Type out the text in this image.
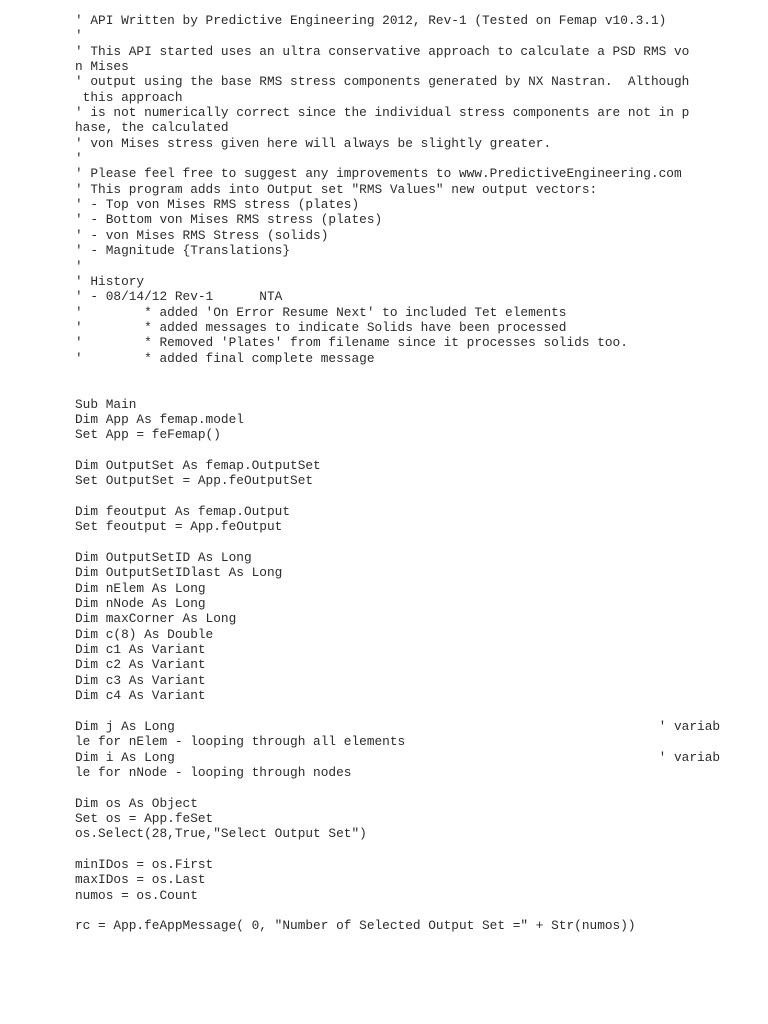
' API Written by Predictive Engineering 2012, Rev-1 (Tested on Femap v10.3.1)
'
' This API started uses an ultra conservative approach to calculate a PSD RMS vo
n Mises
' output using the base RMS stress components generated by NX Nastran.  Although
this approach
' is not numerically correct since the individual stress components are not in p
hase, the calculated
' von Mises stress given here will always be slightly greater.
'
' Please feel free to suggest any improvements to www.PredictiveEngineering.com
' This program adds into Output set "RMS Values" new output vectors:
' - Top von Mises RMS stress (plates)
' - Bottom von Mises RMS stress (plates)
' - von Mises RMS Stress (solids)
' - Magnitude {Translations}
'
' History
' - 08/14/12 Rev-1      NTA
'        * added 'On Error Resume Next' to included Tet elements
'        * added messages to indicate Solids have been processed
'        * Removed 'Plates' from filename since it processes solids too.
'        * added final complete message
Sub Main
Dim App As femap.model
Set App = feFemap()
Dim OutputSet As femap.OutputSet
Set OutputSet = App.feOutputSet
Dim feoutput As femap.Output
Set feoutput = App.feOutput
Dim OutputSetID As Long
Dim OutputSetIDlast As Long
Dim nElem As Long
Dim nNode As Long
Dim maxCorner As Long
Dim c(8) As Double
Dim c1 As Variant
Dim c2 As Variant
Dim c3 As Variant
Dim c4 As Variant
Dim j As Long                                                               ' variab
le for nElem - looping through all elements
Dim i As Long                                                               ' variab
le for nNode - looping through nodes
Dim os As Object
Set os = App.feSet
os.Select(28,True,"Select Output Set")
minIDos = os.First
maxIDos = os.Last
numos = os.Count
rc = App.feAppMessage( 0, "Number of Selected Output Set =" + Str(numos))
